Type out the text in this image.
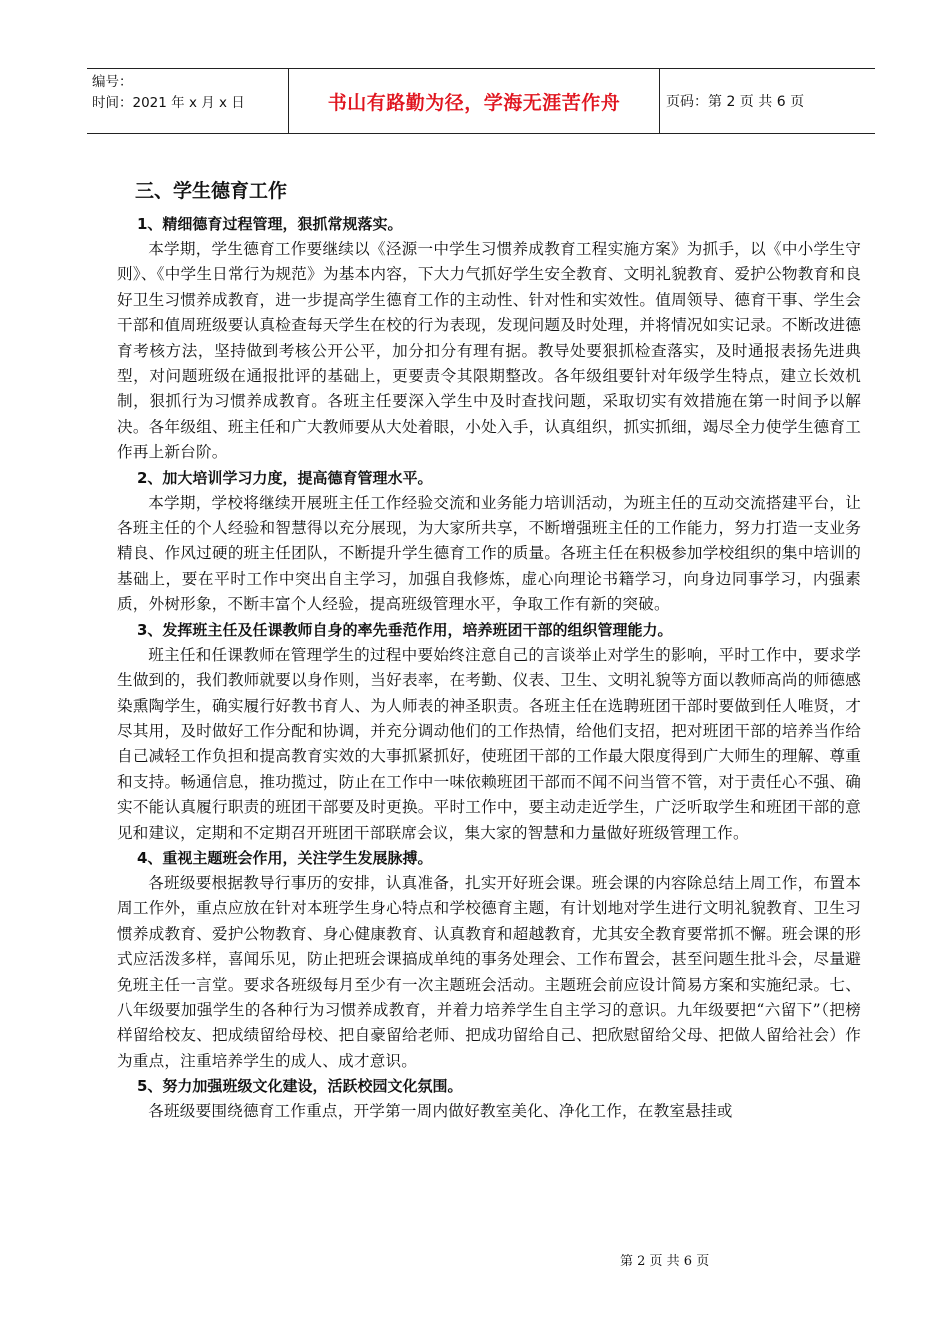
编号：
时间：2021 年 x 月 x 日	书山有路勤为径，学海无涯苦作舟	页码：第 2 页 共 6 页
三、学生德育工作

1、精细德育过程管理，狠抓常规落实。

本学期，学生德育工作要继续以《泾源一中学生习惯养成教育工程实施方案》为抓手，以《中小学生守则》、《中学生日常行为规范》为基本内容，下大力气抓好学生安全教育、文明礼貌教育、爱护公物教育和良好卫生习惯养成教育，进一步提高学生德育工作的主动性、针对性和实效性。值周领导、德育干事、学生会干部和值周班级要认真检查每天学生在校的行为表现，发现问题及时处理，并将情况如实记录。不断改进德育考核方法，坚持做到考核公开公平，加分扣分有理有据。教导处要狠抓检查落实，及时通报表扬先进典型，对问题班级在通报批评的基础上，更要责令其限期整改。各年级组要针对年级学生特点，建立长效机制，狠抓行为习惯养成教育。各班主任要深入学生中及时查找问题，采取切实有效措施在第一时间予以解决。各年级组、班主任和广大教师要从大处着眼，小处入手，认真组织，抓实抓细，竭尽全力使学生德育工作再上新台阶。

2、加大培训学习力度，提高德育管理水平。

本学期，学校将继续开展班主任工作经验交流和业务能力培训活动，为班主任的互动交流搭建平台，让各班主任的个人经验和智慧得以充分展现，为大家所共享，不断增强班主任的工作能力，努力打造一支业务精良、作风过硬的班主任团队，不断提升学生德育工作的质量。各班主任在积极参加学校组织的集中培训的基础上，要在平时工作中突出自主学习，加强自我修炼，虚心向理论书籍学习，向身边同事学习，内强素质，外树形象，不断丰富个人经验，提高班级管理水平，争取工作有新的突破。

3、发挥班主任及任课教师自身的率先垂范作用，培养班团干部的组织管理能力。

班主任和任课教师在管理学生的过程中要始终注意自己的言谈举止对学生的影响，平时工作中，要求学生做到的，我们教师就要以身作则，当好表率，在考勤、仪表、卫生、文明礼貌等方面以教师高尚的师德感染熏陶学生，确实履行好教书育人、为人师表的神圣职责。各班主任在选聘班团干部时要做到任人唯贤，才尽其用，及时做好工作分配和协调，并充分调动他们的工作热情，给他们支招，把对班团干部的培养当作给自己减轻工作负担和提高教育实效的大事抓紧抓好，使班团干部的工作最大限度得到广大师生的理解、尊重和支持。畅通信息，推功揽过，防止在工作中一味依赖班团干部而不闻不问当管不管，对于责任心不强、确实不能认真履行职责的班团干部要及时更换。平时工作中，要主动走近学生，广泛听取学生和班团干部的意见和建议，定期和不定期召开班团干部联席会议，集大家的智慧和力量做好班级管理工作。

4、重视主题班会作用，关注学生发展脉搏。

各班级要根据教导行事历的安排，认真准备，扎实开好班会课。班会课的内容除总结上周工作，布置本周工作外，重点应放在针对本班学生身心特点和学校德育主题，有计划地对学生进行文明礼貌教育、卫生习惯养成教育、爱护公物教育、身心健康教育、认真教育和超越教育，尤其安全教育要常抓不懈。班会课的形式应活泼多样，喜闻乐见，防止把班会课搞成单纯的事务处理会、工作布置会，甚至问题生批斗会，尽量避免班主任一言堂。要求各班级每月至少有一次主题班会活动。主题班会前应设计简易方案和实施纪录。七、八年级要加强学生的各种行为习惯养成教育，并着力培养学生自主学习的意识。九年级要把“六留下”（把榜样留给校友、把成绩留给母校、把自豪留给老师、把成功留给自己、把欣慰留给父母、把做人留给社会）作为重点，注重培养学生的成人、成才意识。

5、努力加强班级文化建设，活跃校园文化氛围。

各班级要围绕德育工作重点，开学第一周内做好教室美化、净化工作，在教室悬挂或

第 2 页 共 6 页
